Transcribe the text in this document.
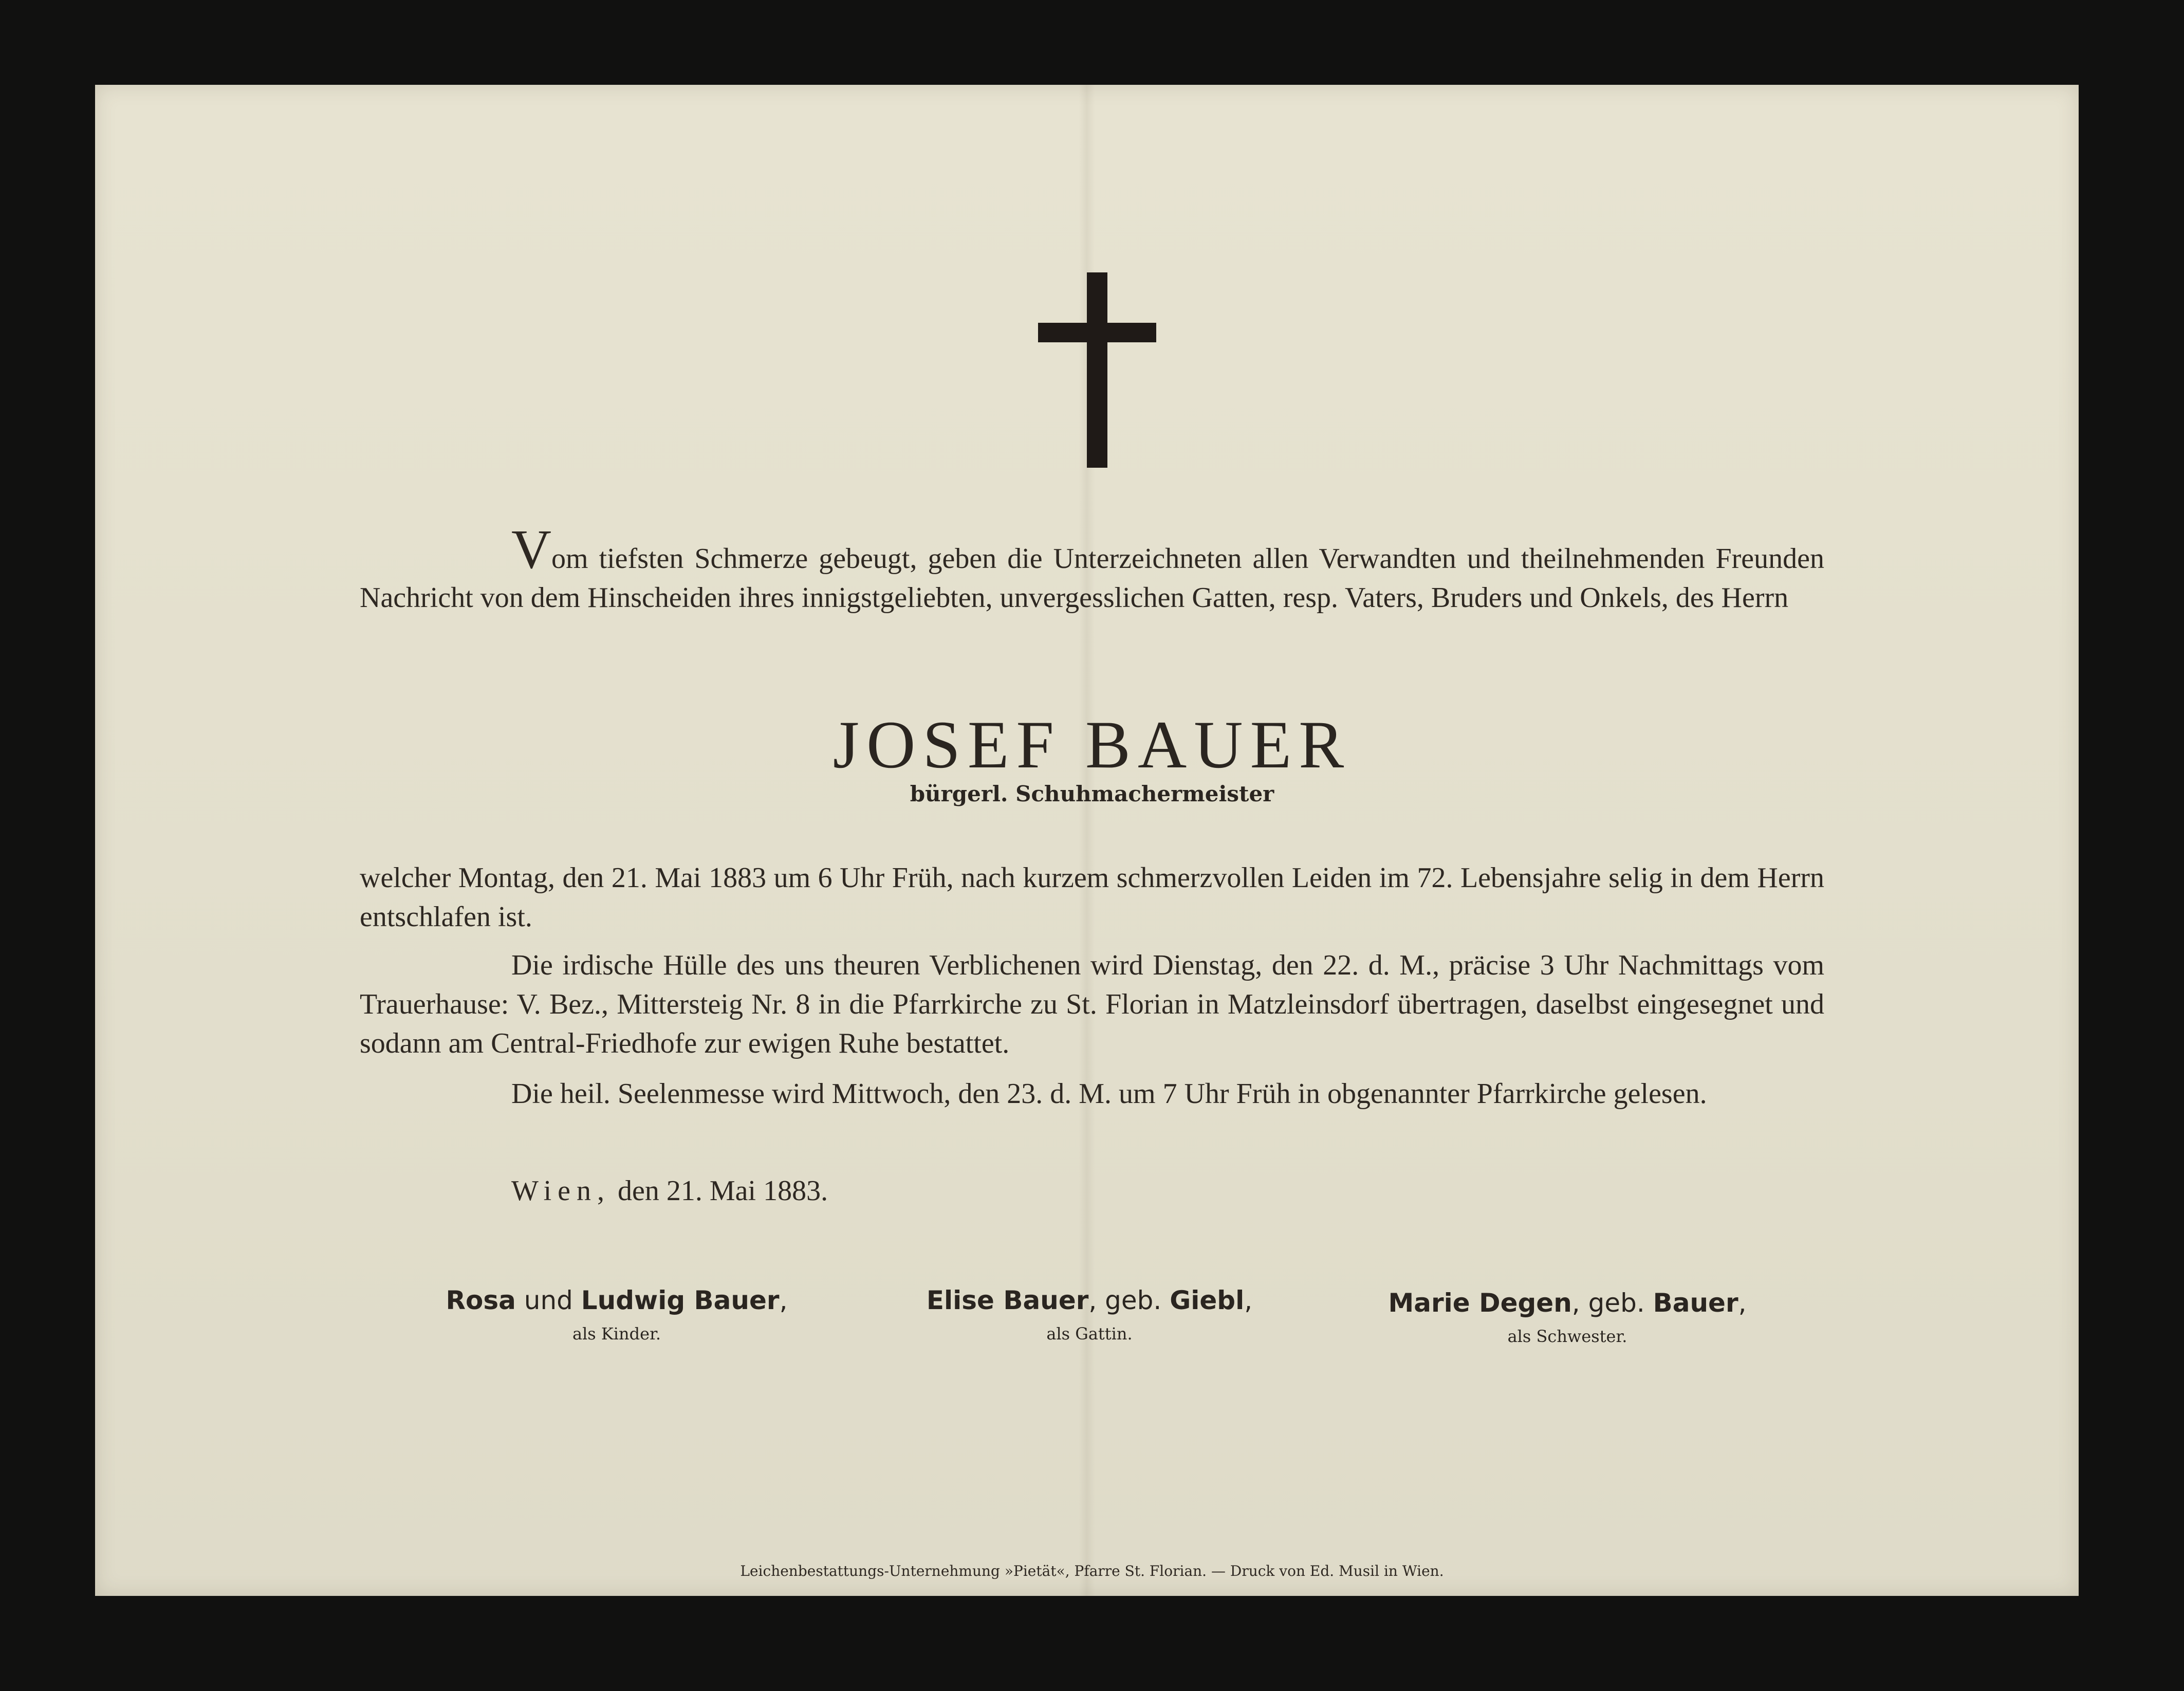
Vom tiefsten Schmerze gebeugt, geben die Unterzeichneten allen Verwandten und theilnehmenden Freunden Nachricht von dem Hinscheiden ihres innigstgeliebten, unvergesslichen Gatten, resp. Vaters, Bruders und Onkels, des Herrn
JOSEF BAUER
bürgerl. Schuhmachermeister
welcher Montag, den 21. Mai 1883 um 6 Uhr Früh, nach kurzem schmerzvollen Leiden im 72. Lebensjahre selig in dem Herrn entschlafen ist.
Die irdische Hülle des uns theuren Verblichenen wird Dienstag, den 22. d. M., präcise 3 Uhr Nachmittags vom Trauerhause: V. Bez., Mittersteig Nr. 8 in die Pfarrkirche zu St. Florian in Matzleinsdorf übertragen, daselbst eingesegnet und sodann am Central-Friedhofe zur ewigen Ruhe bestattet.
Die heil. Seelenmesse wird Mittwoch, den 23. d. M. um 7 Uhr Früh in obgenannter Pfarrkirche gelesen.
Wien, den 21. Mai 1883.
Rosa und Ludwig Bauer,
als Kinder.
Elise Bauer, geb. Giebl,
als Gattin.
Marie Degen, geb. Bauer,
als Schwester.
Leichenbestattungs-Unternehmung »Pietät«, Pfarre St. Florian. — Druck von Ed. Musil in Wien.
